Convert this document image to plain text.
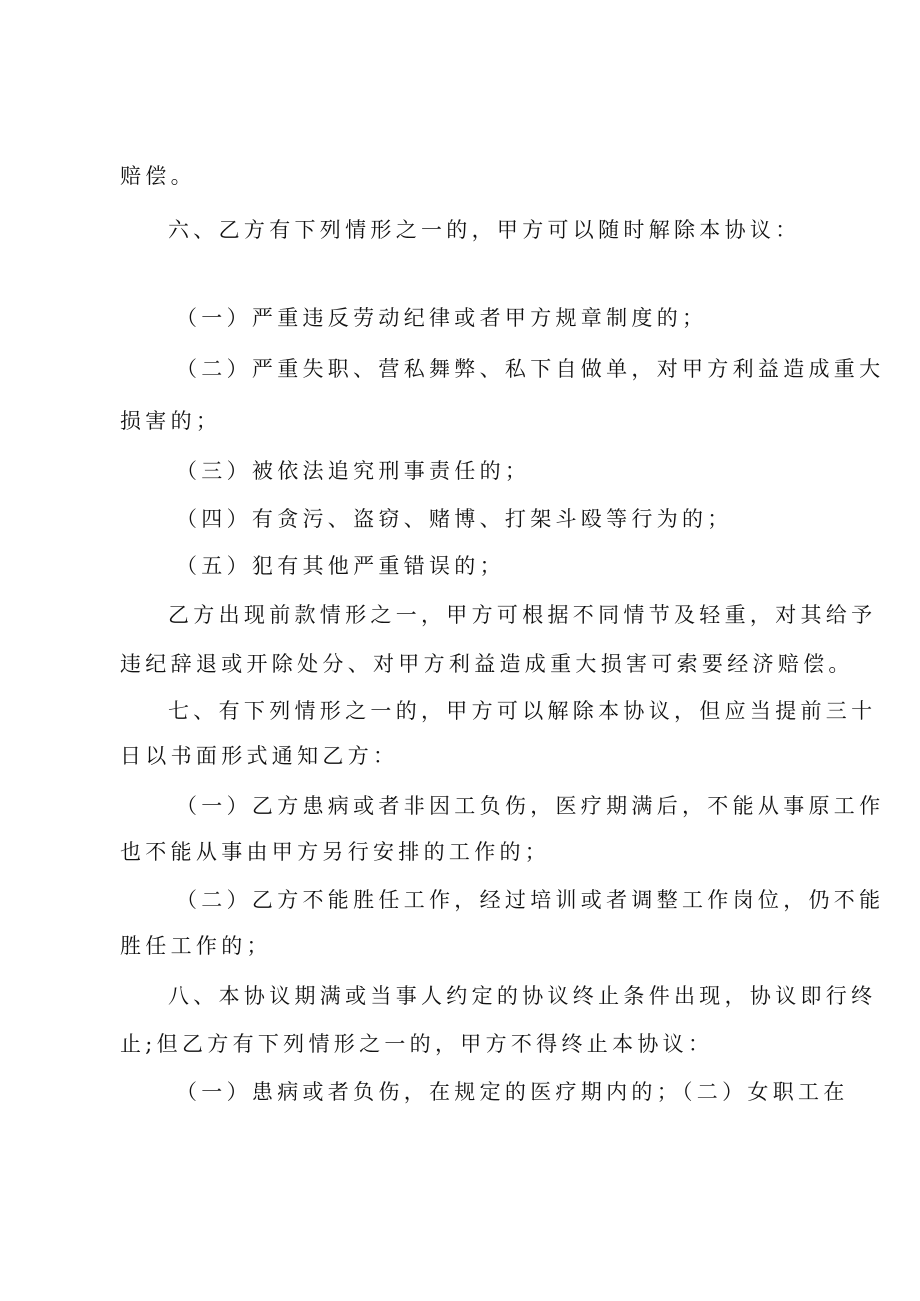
赔偿。

六、乙方有下列情形之一的，甲方可以随时解除本协议：

（一）严重违反劳动纪律或者甲方规章制度的；

（二）严重失职、营私舞弊、私下自做单，对甲方利益造成重大

损害的；

（三）被依法追究刑事责任的；

（四）有贪污、盗窃、赌博、打架斗殴等行为的；

（五）犯有其他严重错误的；

乙方出现前款情形之一，甲方可根据不同情节及轻重，对其给予

违纪辞退或开除处分、对甲方利益造成重大损害可索要经济赔偿。

七、有下列情形之一的，甲方可以解除本协议，但应当提前三十

日以书面形式通知乙方：

（一）乙方患病或者非因工负伤，医疗期满后，不能从事原工作

也不能从事由甲方另行安排的工作的；

（二）乙方不能胜任工作，经过培训或者调整工作岗位，仍不能

胜任工作的；

八、本协议期满或当事人约定的协议终止条件出现，协议即行终

止;但乙方有下列情形之一的，甲方不得终止本协议：

（一）患病或者负伤，在规定的医疗期内的；（二）女职工在
